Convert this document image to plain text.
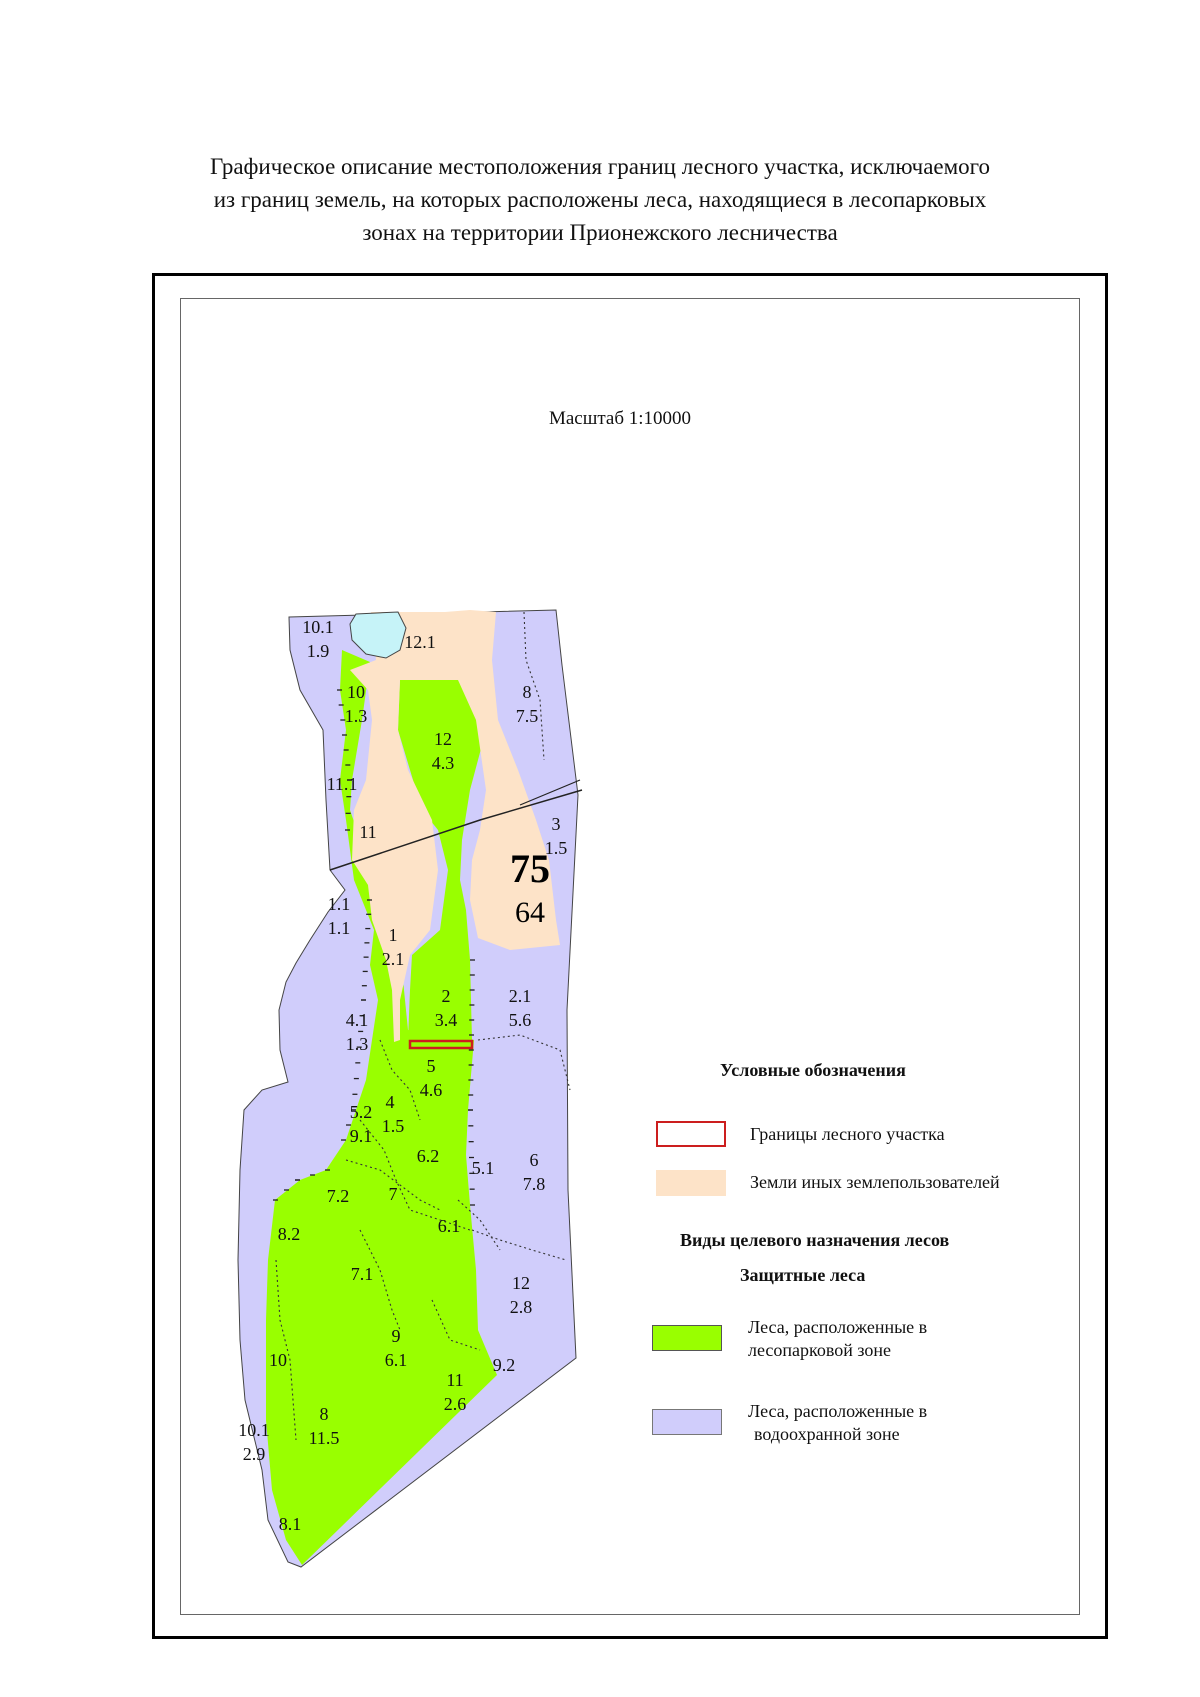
Графическое описание местоположения границ лесного участка, исключаемого
из границ земель, на которых расположены леса, находящиеся в лесопарковых
зонах на территории Прионежского лесничества
Масштаб 1:10000
10.1
1.9	12.1
10
1.3
12
4.3
8
7.5
11.1
3
1.5
11
1.1
1.1 1
2.1
2
3.4
2.1
5.6
4.1
1.3
5
4.6
4
1.5
5.2
9.1
6.2
5.1 6
7.8
7.2 7
6.1
8.2
7.1	12
2.8
9
6.1
10	9.2
11
2.6
8
11.5
10.1
2.9
8.1
75
64
Условные обозначения
Границы лесного участка
Земли иных землепользователей
Виды целевого назначения лесов
Защитные леса
Леса, расположенные в
лесопарковой зоне
Леса, расположенные в
водоохранной зоне
